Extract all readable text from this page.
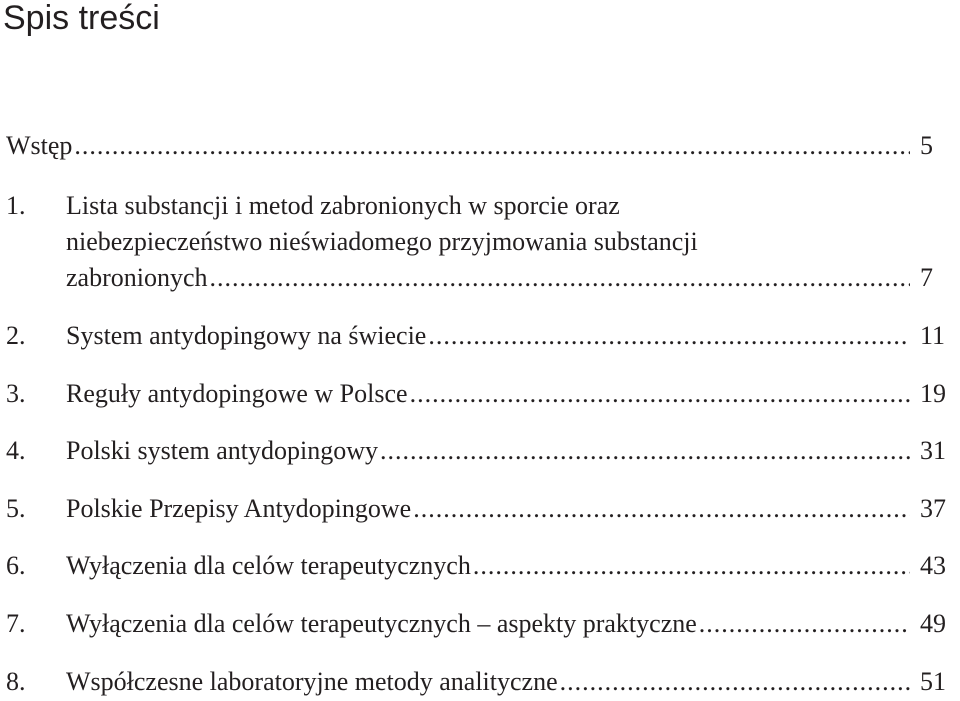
Spis treści
Wstęp .....	5
1. Lista substancji i metod zabronionych w sporcie oraz
niebezpieczeństwo nieświadomego przyjmowania substancji
zabronionych .....	7
2. System antydopingowy na świecie .....	11
3. Reguły antydopingowe w Polsce .....	19
4. Polski system antydopingowy .....	31
5. Polskie Przepisy Antydopingowe .....	37
6. Wyłączenia dla celów terapeutycznych .....	43
7. Wyłączenia dla celów terapeutycznych – aspekty praktyczne .....	49
8. Współczesne laboratoryjne metody analityczne .....	51
